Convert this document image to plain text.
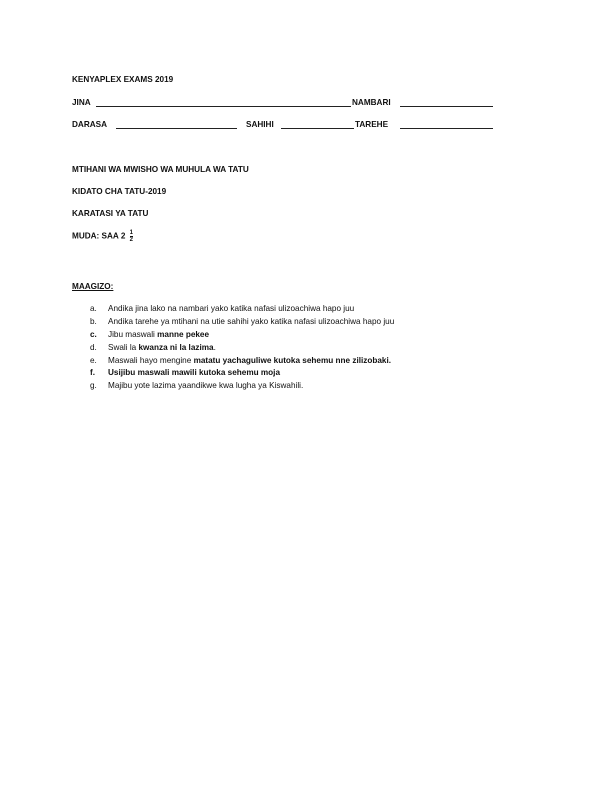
KENYAPLEX EXAMS 2019
JINA	NAMBARI
DARASA	SAHIHI	TAREHE
MTIHANI WA MWISHO WA MUHULA WA TATU
KIDATO CHA TATU-2019
KARATASI YA TATU
MUDA: SAA $2 \frac{1}{2}$
MAAGIZO:
a. Andika jina lako na nambari yako katika nafasi ulizoachiwa hapo juu
b. Andika tarehe ya mtihani na utie sahihi yako katika nafasi ulizoachiwa hapo juu
c. Jibu maswali manne pekee
d. Swali la kwanza ni la lazima.
e. Maswali hayo mengine matatu yachaguliwe kutoka sehemu nne zilizobaki.
f. Usijibu maswali mawili kutoka sehemu moja
g. Majibu yote lazima yaandikwe kwa lugha ya Kiswahili.
